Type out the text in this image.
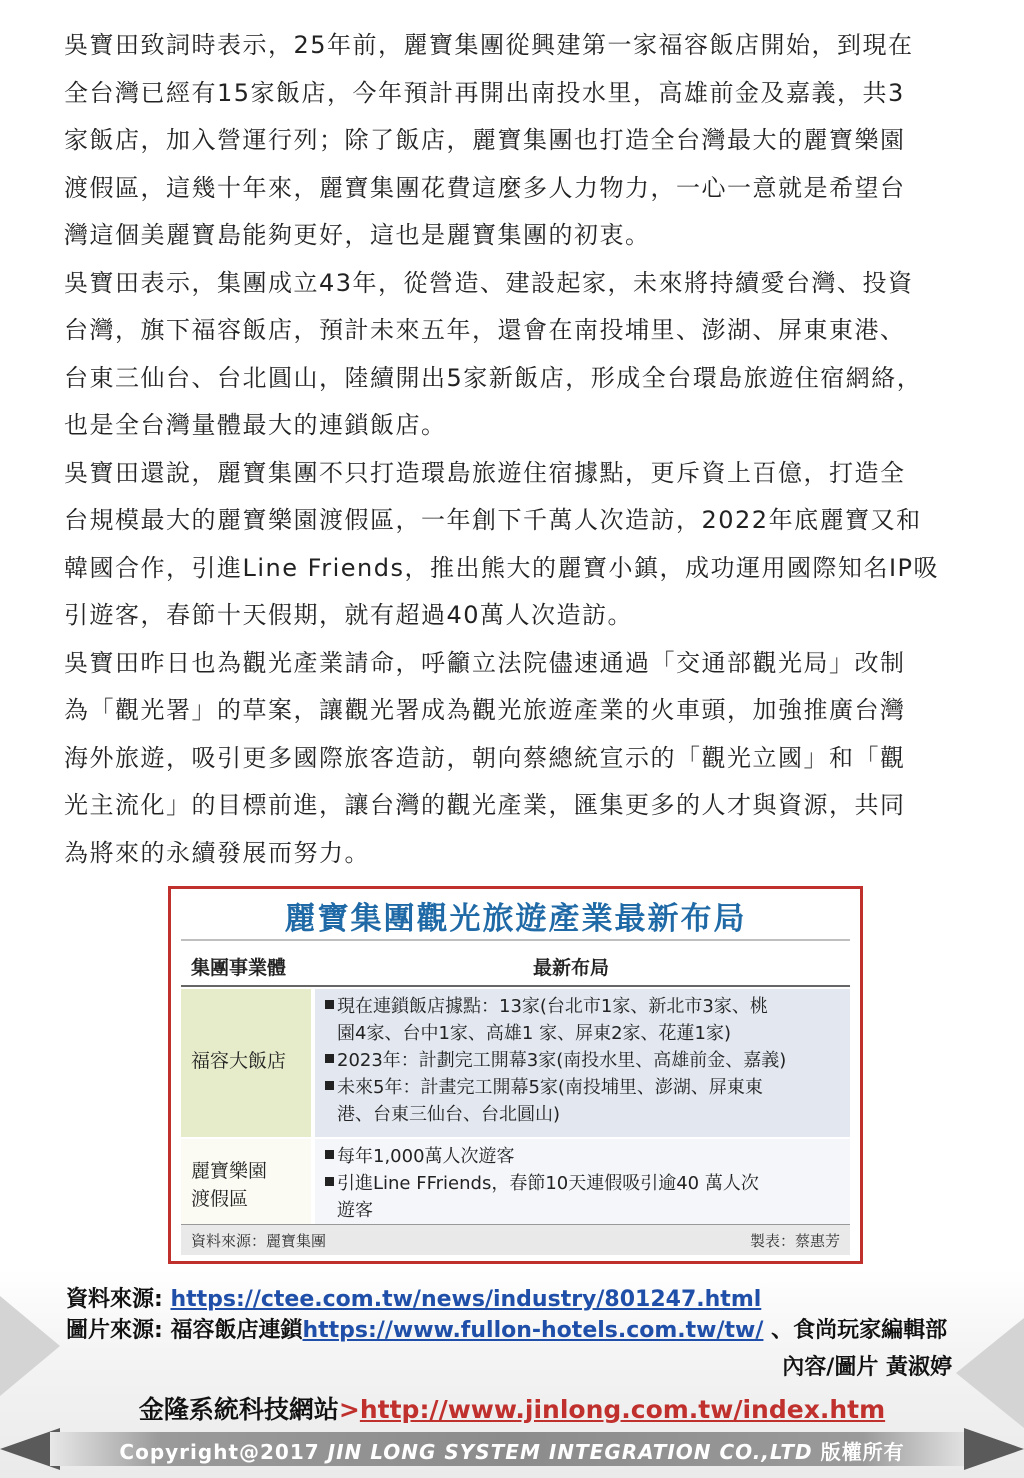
吳寶田致詞時表示，25年前，麗寶集團從興建第一家福容飯店開始，到現在
全台灣已經有15家飯店，今年預計再開出南投水里，高雄前金及嘉義，共3
家飯店，加入營運行列；除了飯店，麗寶集團也打造全台灣最大的麗寶樂園
渡假區，這幾十年來，麗寶集團花費這麼多人力物力，一心一意就是希望台
灣這個美麗寶島能夠更好，這也是麗寶集團的初衷。

吳寶田表示，集團成立43年，從營造、建設起家，未來將持續愛台灣、投資
台灣，旗下福容飯店，預計未來五年，還會在南投埔里、澎湖、屏東東港、
台東三仙台、台北圓山，陸續開出5家新飯店，形成全台環島旅遊住宿網絡，
也是全台灣量體最大的連鎖飯店。

吳寶田還說，麗寶集團不只打造環島旅遊住宿據點，更斥資上百億，打造全
台規模最大的麗寶樂園渡假區，一年創下千萬人次造訪，2022年底麗寶又和
韓國合作，引進Line Friends，推出熊大的麗寶小鎮，成功運用國際知名IP吸
引遊客，春節十天假期，就有超過40萬人次造訪。

吳寶田昨日也為觀光產業請命，呼籲立法院儘速通過「交通部觀光局」改制
為「觀光署」的草案，讓觀光署成為觀光旅遊產業的火車頭，加強推廣台灣
海外旅遊，吸引更多國際旅客造訪，朝向蔡總統宣示的「觀光立國」和「觀
光主流化」的目標前進，讓台灣的觀光產業，匯集更多的人才與資源，共同
為將來的永續發展而努力。

麗寶集團觀光旅遊產業最新布局
集團事業體	最新布局
福容大飯店
現在連鎖飯店據點：13家(台北市1家、新北市3家、桃
園4家、台中1家、高雄1 家、屏東2家、花蓮1家)
2023年：計劃完工開幕3家(南投水里、高雄前金、嘉義)
未來5年：計畫完工開幕5家(南投埔里、澎湖、屏東東
港、台東三仙台、台北圓山)
麗寶樂園
渡假區
每年1,000萬人次遊客
引進Line FFriends，春節10天連假吸引逾40 萬人次
遊客
資料來源：麗寶集團	製表：蔡惠芳
資料來源: https://ctee.com.tw/news/industry/801247.html
圖片來源: 福容飯店連鎖https://www.fullon-hotels.com.tw/tw/ 、食尚玩家編輯部
內容/圖片 黃淑婷
金隆系統科技網站>http://www.jinlong.com.tw/index.htm
Copyright@2017 JIN LONG SYSTEM INTEGRATION CO.,LTD 版權所有
